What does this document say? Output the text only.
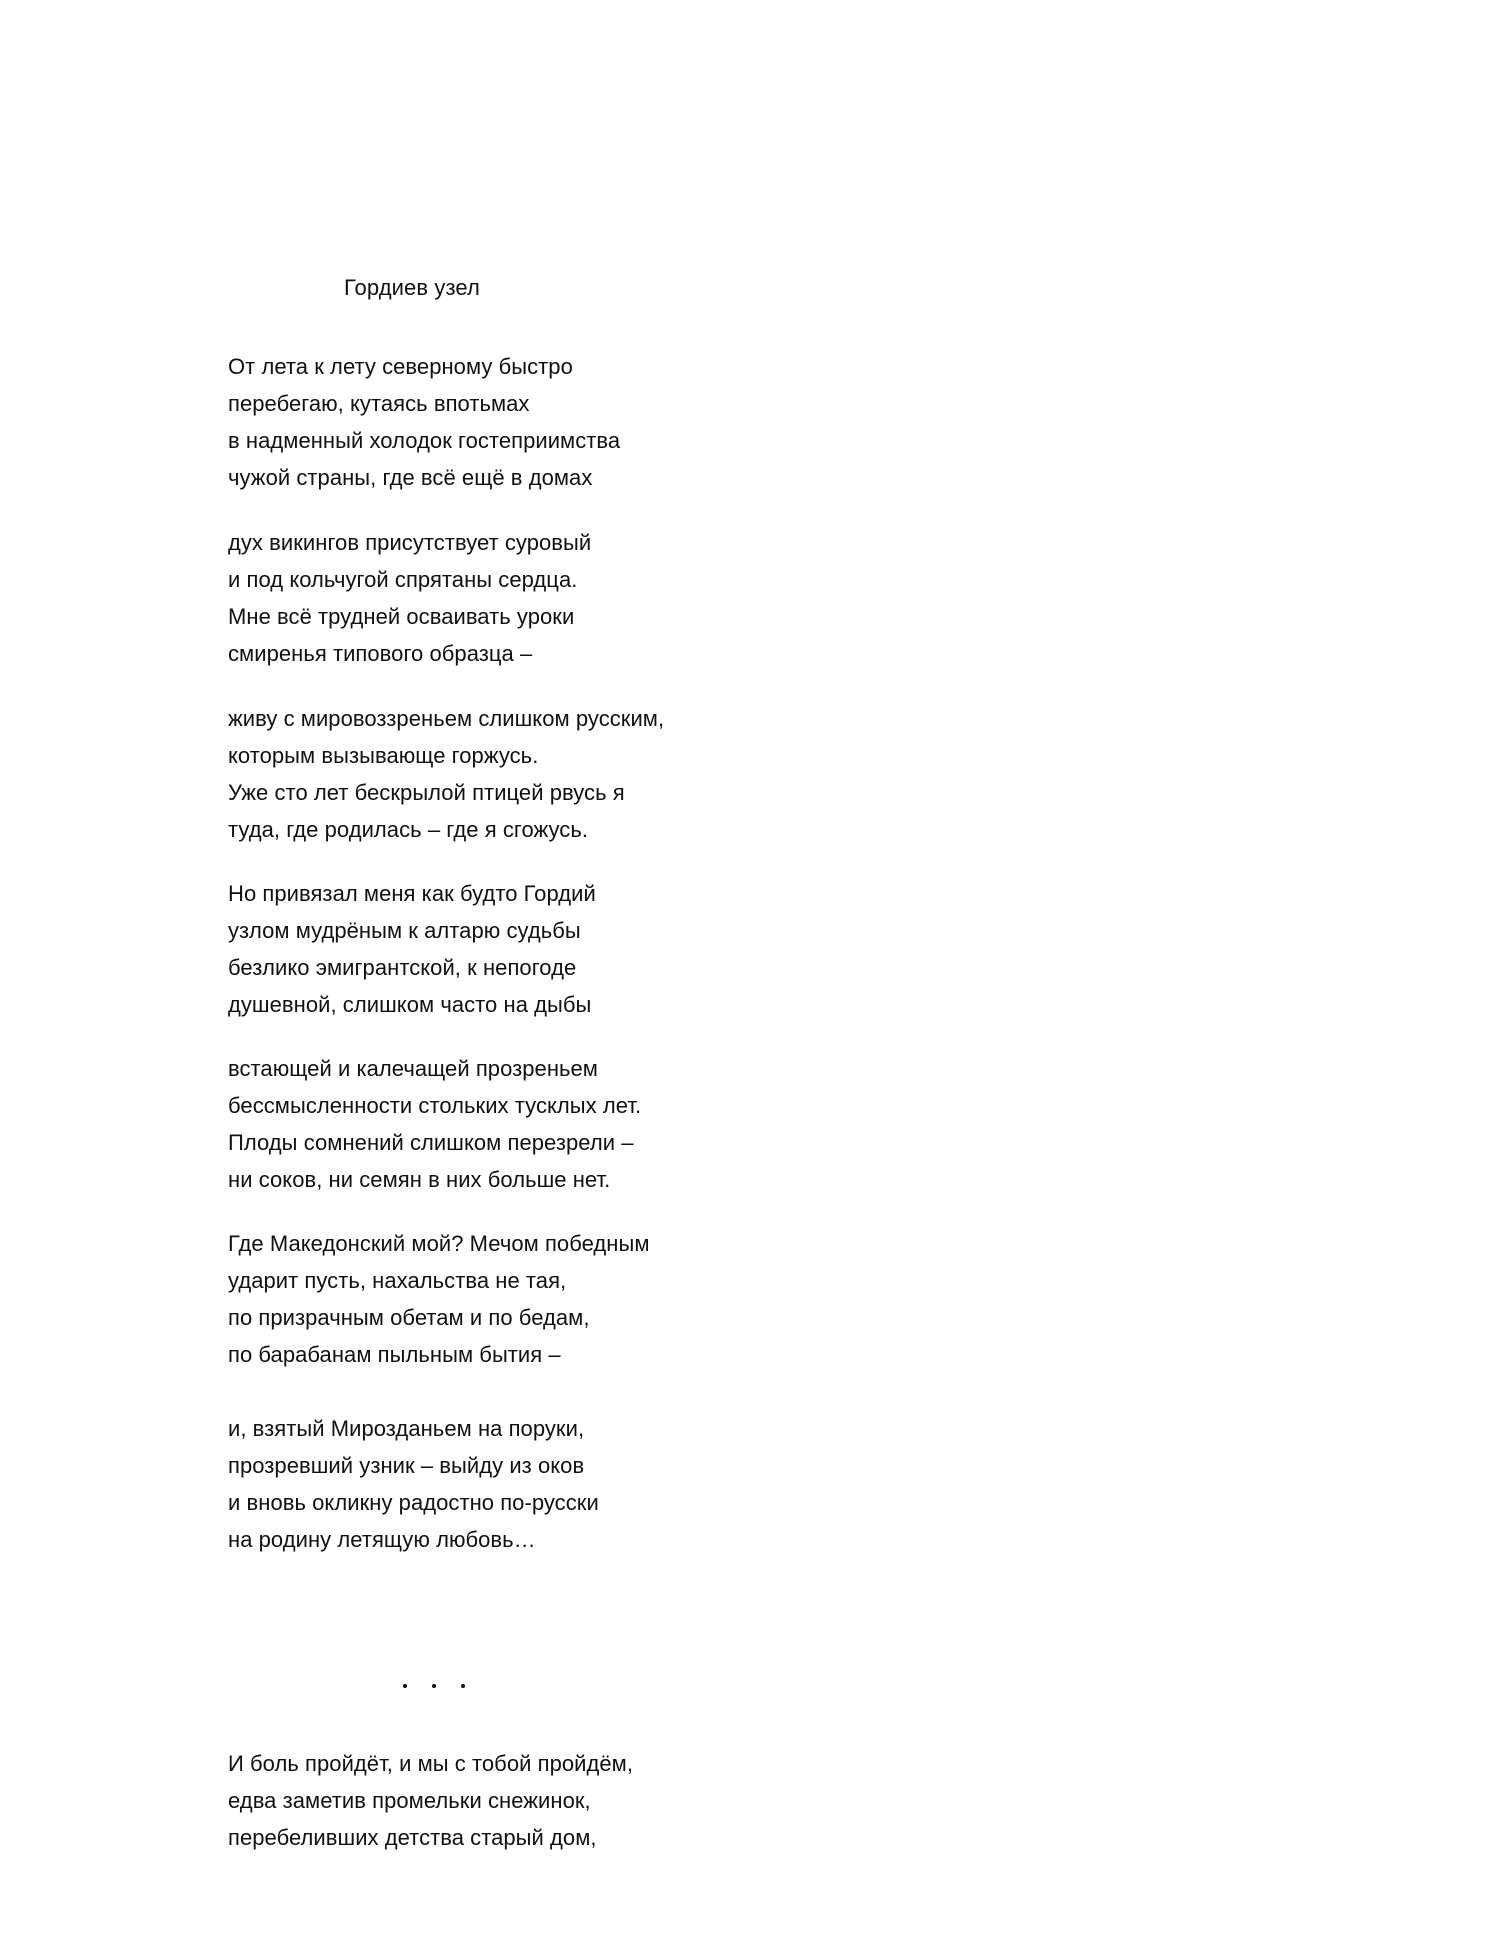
Гордиев узел
От лета к лету северному быстро
перебегаю, кутаясь впотьмах
в надменный холодок гостеприимства
чужой страны, где всё ещё в домах
дух викингов присутствует суровый
и под кольчугой спрятаны сердца.
Мне всё трудней осваивать уроки
смиренья типового образца –
живу с мировоззреньем слишком русским,
которым вызывающе горжусь.
Уже сто лет бескрылой птицей рвусь я
туда, где родилась – где я сгожусь.
Но привязал меня как будто Гордий
узлом мудрёным к алтарю судьбы
безлико эмигрантской, к непогоде
душевной, слишком часто на дыбы
встающей и калечащей прозреньем
бессмысленности стольких тусклых лет.
Плоды сомнений слишком перезрели –
ни соков, ни семян в них больше нет.
Где Македонский мой? Мечом победным
ударит пусть, нахальства не тая,
по призрачным обетам и по бедам,
по барабанам пыльным бытия –
и, взятый Мирозданьем на поруки,
прозревший узник – выйду из оков
и вновь окликну радостно по-русски
на родину летящую любовь…
И боль пройдёт, и мы с тобой пройдём,
едва заметив промельки снежинок,
перебеливших детства старый дом,
